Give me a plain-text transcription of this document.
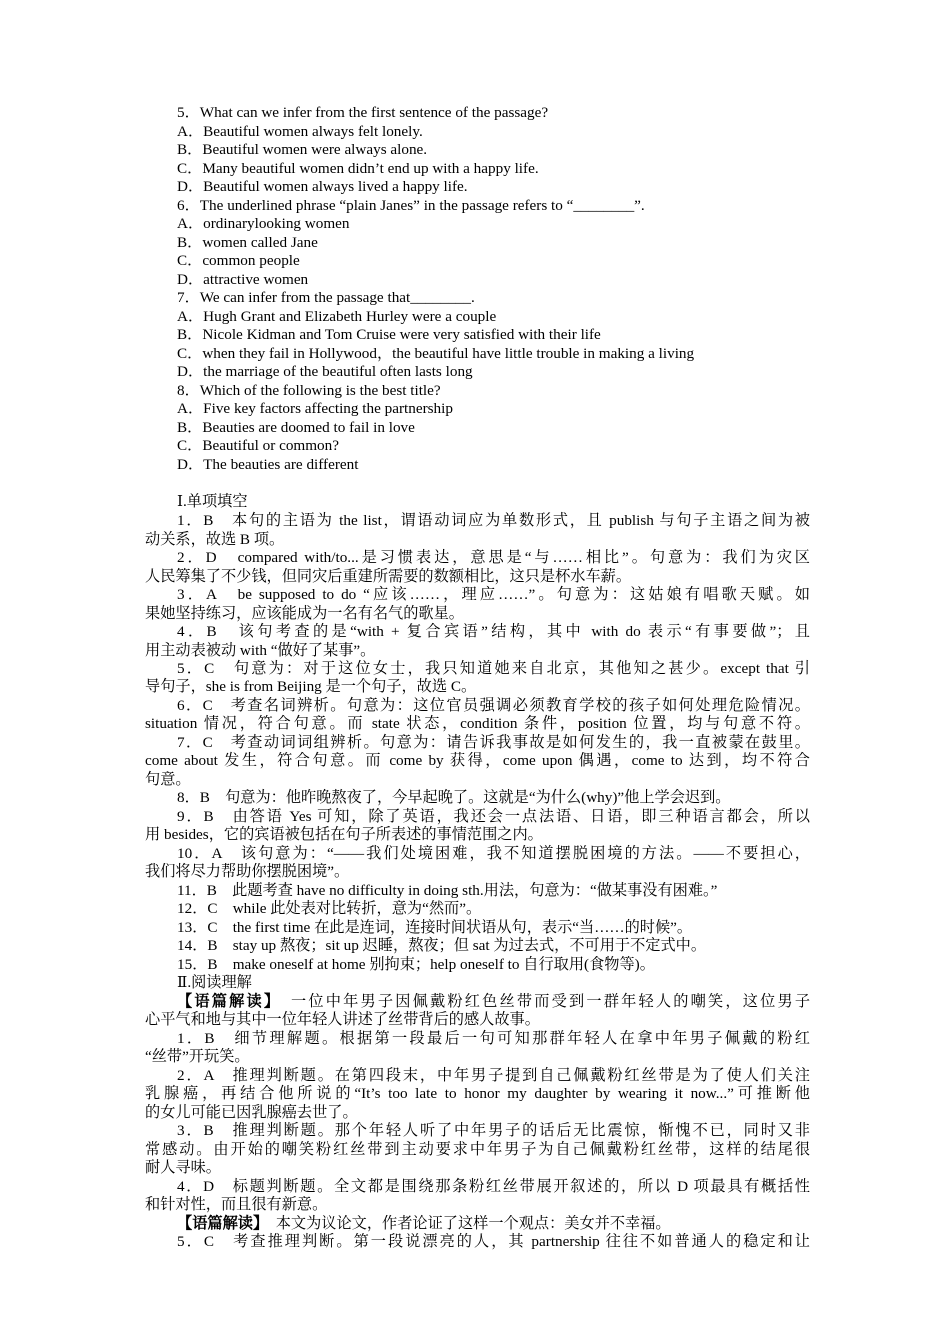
5．What can we infer from the first sentence of the passage?
A．Beautiful women always felt lonely.
B．Beautiful women were always alone.
C．Many beautiful women didn’t end up with a happy life.
D．Beautiful women always lived a happy life.
6．The underlined phrase “plain Janes” in the passage refers to “________”.
A．ordinarylooking women
B．women called Jane
C．common people
D．attractive women
7．We can infer from the passage that________.
A．Hugh Grant and Elizabeth Hurley were a couple
B．Nicole Kidman and Tom Cruise were very satisfied with their life
C．when they fail in Hollywood，the beautiful have little trouble in making a living
D．the marriage of the beautiful often lasts long
8．Which of the following is the best title?
A．Five key factors affecting the partnership
B．Beauties are doomed to fail in love
C．Beautiful or common?
D．The beauties are different
Ⅰ.单项填空
1．B　本句的主语为 the list，谓语动词应为单数形式，且 publish 与句子主语之间为被
动关系，故选 B 项。
2．D　compared with/to...是习惯表达，意思是“与……相比”。句意为：我们为灾区
人民筹集了不少钱，但同灾后重建所需要的数额相比，这只是杯水车薪。
3．A　be supposed to do “应该……，理应……”。句意为：这姑娘有唱歌天赋。如
果她坚持练习，应该能成为一名有名气的歌星。
4．B　该句考查的是“with + 复合宾语”结构，其中 with do 表示“有事要做”；且
用主动表被动 with “做好了某事”。
5．C　句意为：对于这位女士，我只知道她来自北京，其他知之甚少。except that 引
导句子，she is from Beijing 是一个句子，故选 C。
6．C　考查名词辨析。句意为：这位官员强调必须教育学校的孩子如何处理危险情况。
situation 情况，符合句意。而 state 状态，condition 条件，position 位置，均与句意不符。
7．C　考查动词词组辨析。句意为：请告诉我事故是如何发生的，我一直被蒙在鼓里。
come about 发生，符合句意。而 come by 获得，come upon 偶遇，come to 达到，均不符合
句意。
8．B　句意为：他昨晚熬夜了，今早起晚了。这就是“为什么(why)”他上学会迟到。
9．B　由答语 Yes 可知，除了英语，我还会一点法语、日语，即三种语言都会，所以
用 besides，它的宾语被包括在句子所表述的事情范围之内。
10．A　该句意为：“——我们处境困难，我不知道摆脱困境的方法。——不要担心，
我们将尽力帮助你摆脱困境”。
11．B　此题考查 have no difficulty in doing sth.用法，句意为：“做某事没有困难。”
12．C　while 此处表对比转折，意为“然而”。
13．C　the first time 在此是连词，连接时间状语从句，表示“当……的时候”。
14．B　stay up 熬夜；sit up 迟睡，熬夜；但 sat 为过去式，不可用于不定式中。
15．B　make oneself at home 别拘束；help oneself to 自行取用(食物等)。
Ⅱ.阅读理解
【语篇解读】　一位中年男子因佩戴粉红色丝带而受到一群年轻人的嘲笑，这位男子
心平气和地与其中一位年轻人讲述了丝带背后的感人故事。
1．B　细节理解题。根据第一段最后一句可知那群年轻人在拿中年男子佩戴的粉红
“丝带”开玩笑。
2．A　推理判断题。在第四段末，中年男子提到自己佩戴粉红丝带是为了使人们关注
乳腺癌，再结合他所说的“It’s too late to honor my daughter by wearing it now...”可推断他
的女儿可能已因乳腺癌去世了。
3．B　推理判断题。那个年轻人听了中年男子的话后无比震惊，惭愧不已，同时又非
常感动。由开始的嘲笑粉红丝带到主动要求中年男子为自己佩戴粉红丝带，这样的结尾很
耐人寻味。
4．D　标题判断题。全文都是围绕那条粉红丝带展开叙述的，所以 D 项最具有概括性
和针对性，而且很有新意。
【语篇解读】　本文为议论文，作者论证了这样一个观点：美女并不幸福。
5．C　考查推理判断。第一段说漂亮的人，其 partnership 往往不如普通人的稳定和让
